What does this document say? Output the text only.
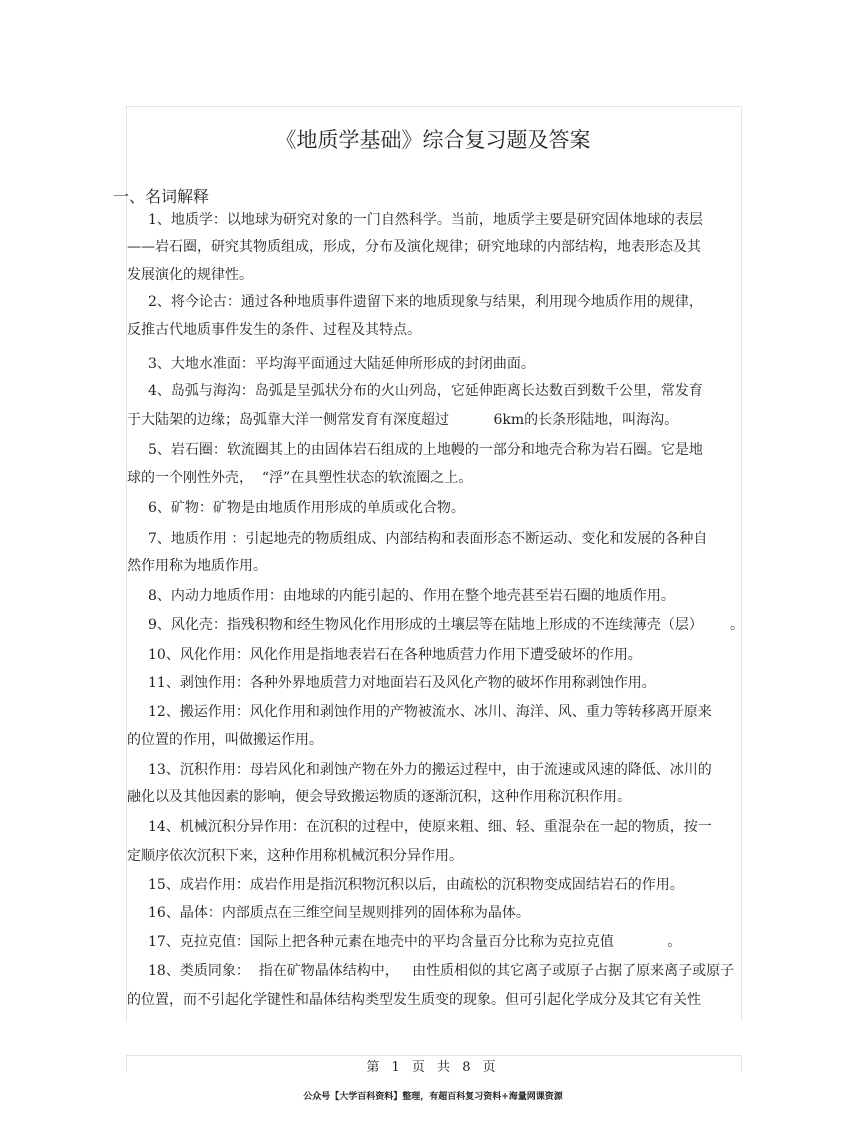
《地质学基础》综合复习题及答案
一、名词解释
1、地质学：以地球为研究对象的一门自然科学。当前，地质学主要是研究固体地球的表层
——岩石圈，研究其物质组成，形成，分布及演化规律；研究地球的内部结构，地表形态及其
发展演化的规律性。
2、将今论古：通过各种地质事件遗留下来的地质现象与结果，利用现今地质作用的规律，
反推古代地质事件发生的条件、过程及其特点。
3、大地水准面：平均海平面通过大陆延伸所形成的封闭曲面。
4、岛弧与海沟：岛弧是呈弧状分布的火山列岛，它延伸距离长达数百到数千公里，常发育
于大陆架的边缘；岛弧靠大洋一侧常发育有深度超过          6km的长条形陆地，叫海沟。
5、岩石圈：软流圈其上的由固体岩石组成的上地幔的一部分和地壳合称为岩石圈。它是地
球的一个刚性外壳，  “浮”在具塑性状态的软流圈之上。
6、矿物：矿物是由地质作用形成的单质或化合物。
7、地质作用 ：引起地壳的物质组成、内部结构和表面形态不断运动、变化和发展的各种自
然作用称为地质作用。
8、内动力地质作用：由地球的内能引起的、作用在整个地壳甚至岩石圈的地质作用。
9、风化壳：指残积物和经生物风化作用形成的土壤层等在陆地上形成的不连续薄壳（层）
10、风化作用：风化作用是指地表岩石在各种地质营力作用下遭受破坏的作用。
11、剥蚀作用：各种外界地质营力对地面岩石及风化产物的破坏作用称剥蚀作用。
12、搬运作用：风化作用和剥蚀作用的产物被流水、冰川、海洋、风、重力等转移离开原来
的位置的作用，叫做搬运作用。
13、沉积作用：母岩风化和剥蚀产物在外力的搬运过程中，由于流速或风速的降低、冰川的
融化以及其他因素的影响，便会导致搬运物质的逐渐沉积，这种作用称沉积作用。
14、机械沉积分异作用：在沉积的过程中，使原来粗、细、轻、重混杂在一起的物质，按一
定顺序依次沉积下来，这种作用称机械沉积分异作用。
15、成岩作用：成岩作用是指沉积物沉积以后，由疏松的沉积物变成固结岩石的作用。
16、晶体：内部质点在三维空间呈规则排列的固体称为晶体。
17、克拉克值：国际上把各种元素在地壳中的平均含量百分比称为克拉克值            。
18、类质同象：  指在矿物晶体结构中，   由性质相似的其它离子或原子占据了原来离子或原子
的位置，而不引起化学键性和晶体结构类型发生质变的现象。但可引起化学成分及其它有关性
。
第 1 页 共 8 页
公众号【大学百科资料】整理，有超百科复习资料+海量网课资源
